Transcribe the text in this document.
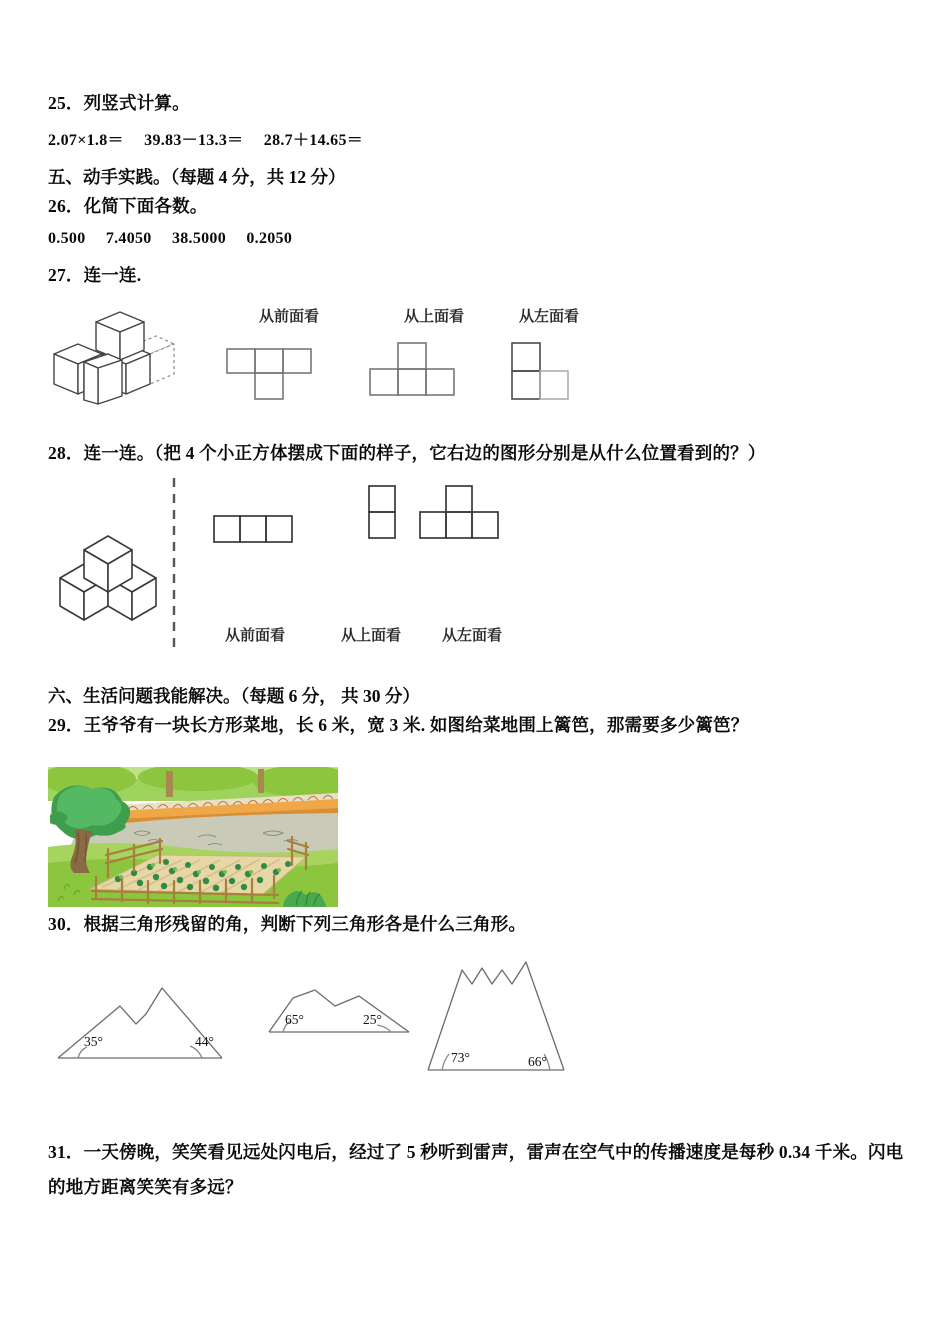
25．列竖式计算。
2.07×1.8＝ 39.83－13.3＝ 28.7＋14.65＝
五、动手实践。（每题 4 分，共 12 分）
26．化简下面各数。
0.500 7.4050 38.5000 0.2050
27．连一连.
从前面看	从上面看	从左面看
28．连一连。（把 4 个小正方体摆成下面的样子，它右边的图形分别是从什么位置看到的？）
从前面看	从上面看	从左面看
六、生活问题我能解决。（每题 6 分， 共 30 分）
29．王爷爷有一块长方形菜地，长 6 米，宽 3 米. 如图给菜地围上篱笆，那需要多少篱笆？
30．根据三角形残留的角，判断下列三角形各是什么三角形。
35°	44°
65°	25°
73°	66°
31．一天傍晚，笑笑看见远处闪电后，经过了 5 秒听到雷声，雷声在空气中的传播速度是每秒 0.34 千米。闪电的地方距离笑笑有多远？
